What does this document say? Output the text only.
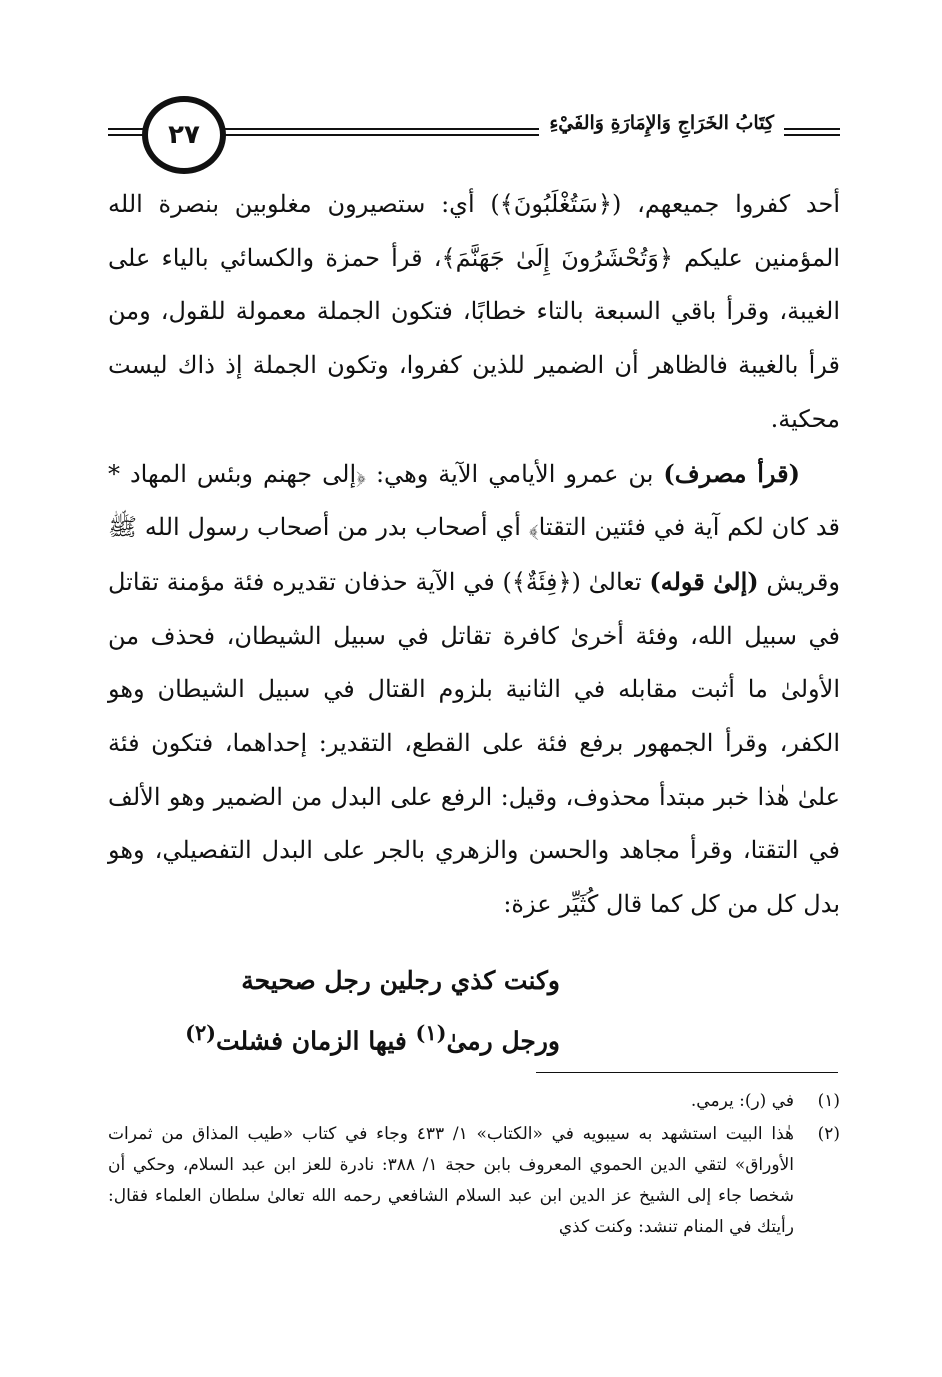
كِتَابُ الخَرَاجِ وَالإِمَارَةِ وَالفَيْءِ
٢٧

أحد كفروا جميعهم، (﴿سَتُغْلَبُونَ﴾) أي: ستصيرون مغلوبين بنصرة الله المؤمنين عليكم ﴿وَتُحْشَرُونَ إِلَىٰ جَهَنَّمَ﴾، قرأ حمزة والكسائي بالياء على الغيبة، وقرأ باقي السبعة بالتاء خطابًا، فتكون الجملة معمولة للقول، ومن قرأ بالغيبة فالظاهر أن الضمير للذين كفروا، وتكون الجملة إذ ذاك ليست محكية.

(قرأ مصرف) بن عمرو الأيامي الآية وهي: ﴿إلى جهنم وبئس المهاد * قد كان لكم آية في فئتين التقتا﴾ أي أصحاب بدر من أصحاب رسول الله ﷺ وقريش (إلىٰ قوله) تعالىٰ (﴿فِئَةٌ﴾) في الآية حذفان تقديره فئة مؤمنة تقاتل في سبيل الله، وفئة أخرىٰ كافرة تقاتل في سبيل الشيطان، فحذف من الأولىٰ ما أثبت مقابله في الثانية بلزوم القتال في سبيل الشيطان وهو الكفر، وقرأ الجمهور برفع فئة على القطع، التقدير: إحداهما، فتكون فئة علىٰ هٰذا خبر مبتدأ محذوف، وقيل: الرفع على البدل من الضمير وهو الألف في التقتا، وقرأ مجاهد والحسن والزهري بالجر على البدل التفصيلي، وهو بدل كل من كل كما قال كُثَيِّر عزة:

وكنت كذي رجلين رجل صحيحة
ورجل رمىٰ$^{(١)}$ فيها الزمان فشلت$^{(٢)}$
(١)
في (ر): يرمي.
(٢)
هٰذا البيت استشهد به سيبويه في «الكتاب» ١/ ٤٣٣ وجاء في كتاب «طيب المذاق من ثمرات الأوراق» لتقي الدين الحموي المعروف بابن حجة ١/ ٣٨٨: نادرة للعز ابن عبد السلام، وحكي أن شخصا جاء إلى الشيخ عز الدين ابن عبد السلام الشافعي رحمه الله تعالىٰ سلطان العلماء فقال: رأيتك في المنام تنشد: وكنت كذي
